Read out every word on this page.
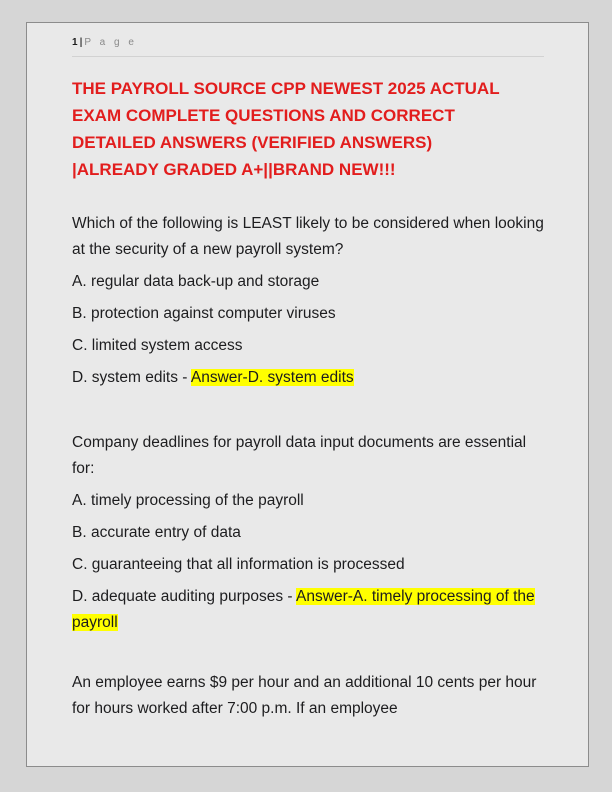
1| P a g e
THE PAYROLL SOURCE CPP NEWEST 2025 ACTUAL
EXAM COMPLETE QUESTIONS AND CORRECT
DETAILED ANSWERS (VERIFIED ANSWERS)
|ALREADY GRADED A+||BRAND NEW!!!

Which of the following is LEAST likely to be considered when looking at the security of a new payroll system?

A. regular data back-up and storage

B. protection against computer viruses

C. limited system access

D. system edits - Answer-D. system edits

Company deadlines for payroll data input documents are essential for:

A. timely processing of the payroll

B. accurate entry of data

C. guaranteeing that all information is processed

D. adequate auditing purposes - Answer-A. timely processing of the payroll

An employee earns $9 per hour and an additional 10 cents per hour for hours worked after 7:00 p.m. If an employee
